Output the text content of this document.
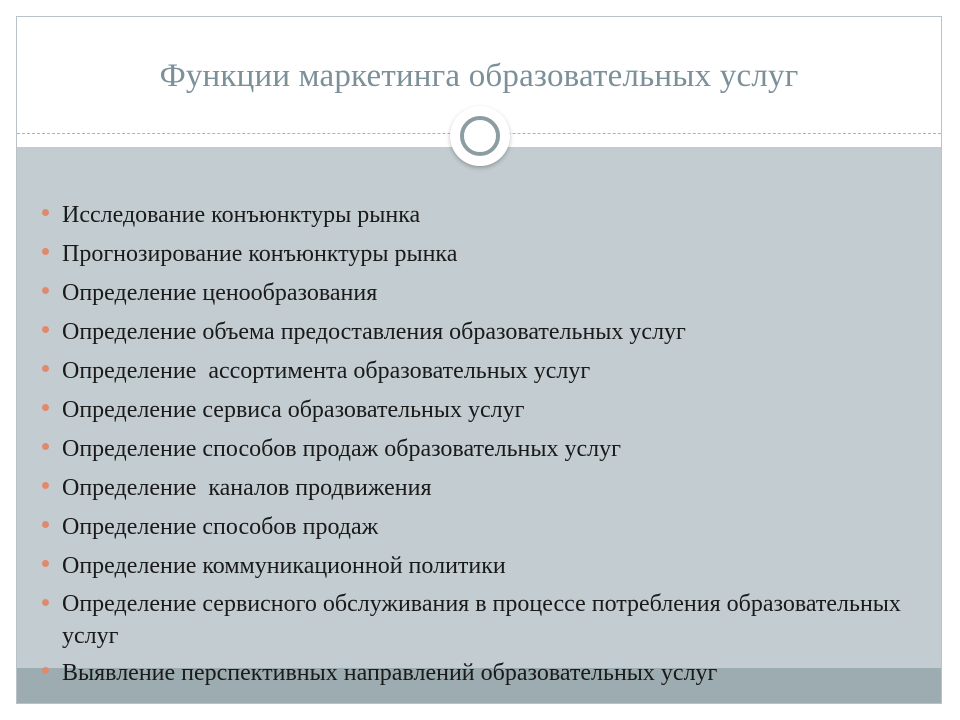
Функции маркетинга образовательных услуг
Исследование конъюнктуры рынка
Прогнозирование конъюнктуры рынка
Определение ценообразования
Определение объема предоставления образовательных услуг
Определение  ассортимента образовательных услуг
Определение сервиса образовательных услуг
Определение способов продаж образовательных услуг
Определение  каналов продвижения
Определение способов продаж
Определение коммуникационной политики
Определение сервисного обслуживания в процессе потребления образовательных услуг
Выявление перспективных направлений образовательных услуг
